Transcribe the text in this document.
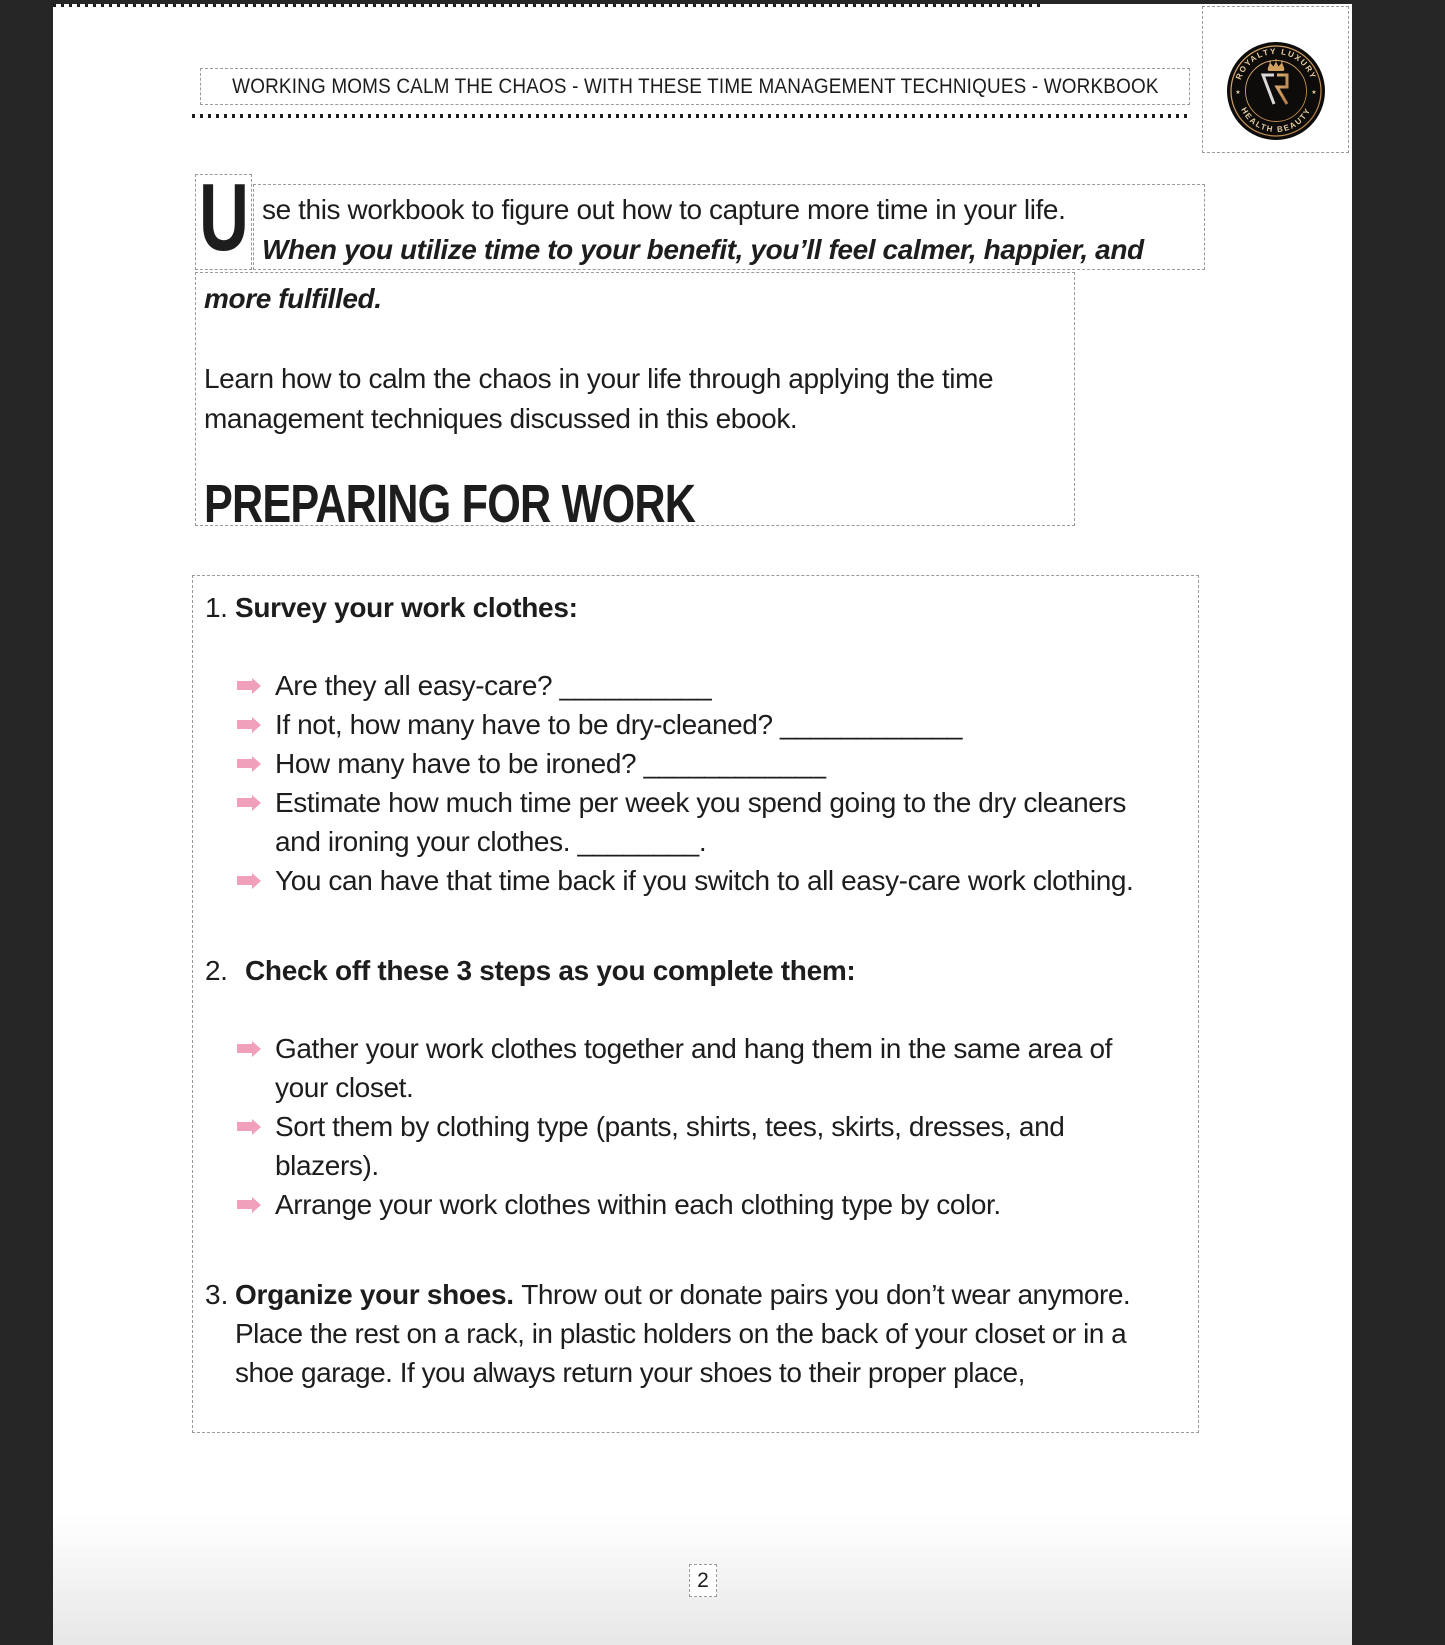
WORKING MOMS CALM THE CHAOS - WITH THESE TIME MANAGEMENT TECHNIQUES - WORKBOOK	ROYALTY LUXURY
HEALTH BEAUTY
★	★
U se this workbook to figure out how to capture more time in your life.
When you utilize time to your benefit, you’ll feel calmer, happier, and
more fulfilled.

Learn how to calm the chaos in your life through applying the time management techniques discussed in this ebook.

PREPARING FOR WORK
1. Survey your work clothes:
Are they all easy-care? __________
If not, how many have to be dry-cleaned? ____________
How many have to be ironed? ____________
Estimate how much time per week you spend going to the dry cleaners and ironing your clothes. ________.
You can have that time back if you switch to all easy-care work clothing.
2. Check off these 3 steps as you complete them:
Gather your work clothes together and hang them in the same area of your closet.
Sort them by clothing type (pants, shirts, tees, skirts, dresses, and blazers).
Arrange your work clothes within each clothing type by color.
3. Organize your shoes. Throw out or donate pairs you don’t wear anymore. Place the rest on a rack, in plastic holders on the back of your closet or in a shoe garage. If you always return your shoes to their proper place,
2
